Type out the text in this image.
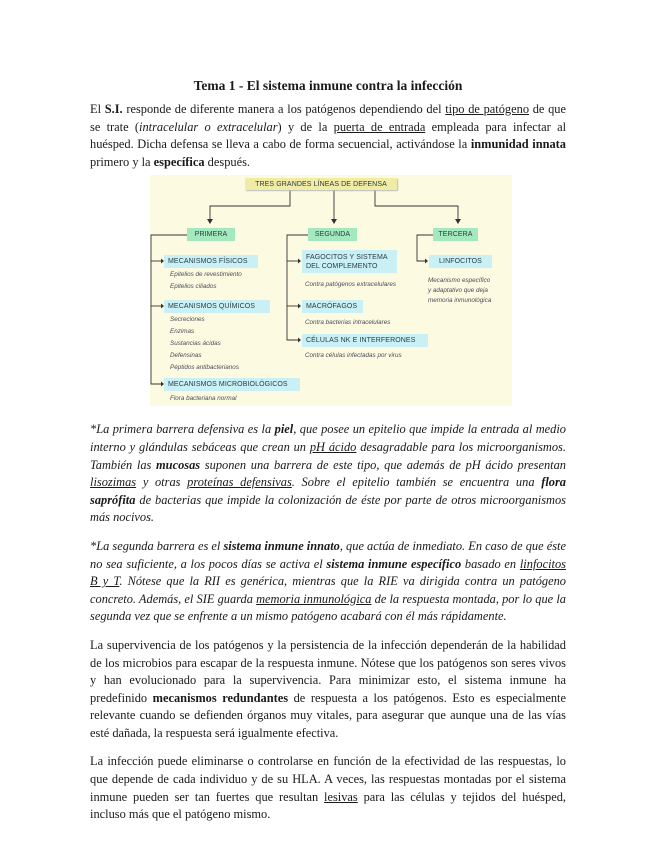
Tema 1 - El sistema inmune contra la infección
El S.I. responde de diferente manera a los patógenos dependiendo del tipo de patógeno de que se trate (intracelular o extracelular) y de la puerta de entrada empleada para infectar al huésped. Dicha defensa se lleva a cabo de forma secuencial, activándose la inmunidad innata primero y la específica después.
TRES GRANDES LÍNEAS DE DEFENSA
PRIMERA	SEGUNDA	TERCERA
MECANISMOS FÍSICOS
Epitelios de revestimiento
Epitelios ciliados
MECANISMOS QUÍMICOS
Secreciones
Enzimas
Sustancias ácidas
Defensinas
Péptidos antibacterianos
MECANISMOS MICROBIOLÓGICOS
Flora bacteriana normal
FAGOCITOS Y SISTEMA
DEL COMPLEMENTO
Contra patógenos extracelulares
MACRÓFAGOS
Contra bacterias intracelulares
CÉLULAS NK E INTERFERONES
Contra células infectadas por virus
LINFOCITOS
Mecanismo específico
y adaptativo que deja
memoria inmunológica
*La primera barrera defensiva es la piel, que posee un epitelio que impide la entrada al medio interno y glándulas sebáceas que crean un pH ácido desagradable para los microorganismos. También las mucosas suponen una barrera de este tipo, que además de pH ácido presentan lisozimas y otras proteínas defensivas. Sobre el epitelio también se encuentra una flora saprófita de bacterias que impide la colonización de éste por parte de otros microorganismos más nocivos.
*La segunda barrera es el sistema inmune innato, que actúa de inmediato. En caso de que éste no sea suficiente, a los pocos días se activa el sistema inmune específico basado en linfocitos B y T. Nótese que la RII es genérica, mientras que la RIE va dirigida contra un patógeno concreto. Además, el SIE guarda memoria inmunológica de la respuesta montada, por lo que la segunda vez que se enfrente a un mismo patógeno acabará con él más rápidamente.
La supervivencia de los patógenos y la persistencia de la infección dependerán de la habilidad de los microbios para escapar de la respuesta inmune. Nótese que los patógenos son seres vivos y han evolucionado para la supervivencia. Para minimizar esto, el sistema inmune ha predefinido mecanismos redundantes de respuesta a los patógenos. Esto es especialmente relevante cuando se defienden órganos muy vitales, para asegurar que aunque una de las vías esté dañada, la respuesta será igualmente efectiva.
La infección puede eliminarse o controlarse en función de la efectividad de las respuestas, lo que depende de cada individuo y de su HLA. A veces, las respuestas montadas por el sistema inmune pueden ser tan fuertes que resultan lesivas para las células y tejidos del huésped, incluso más que el patógeno mismo.
